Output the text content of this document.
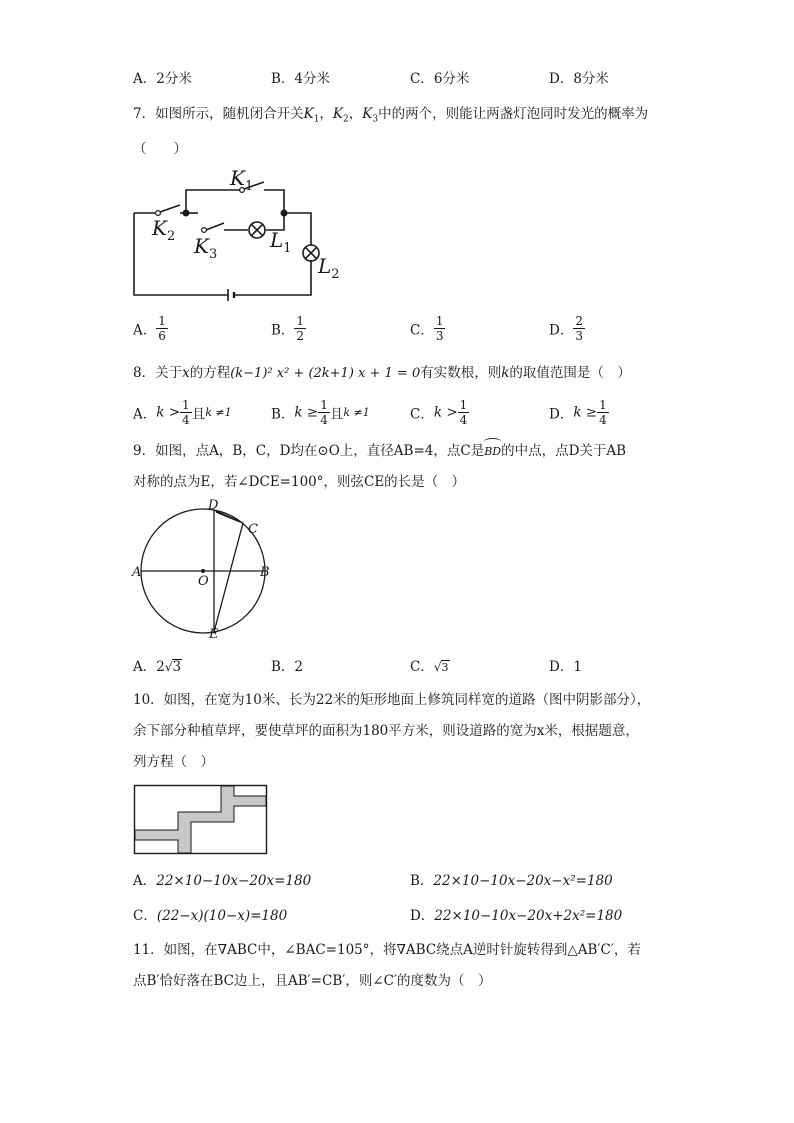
A．2分米	B．4分米	C．6分米	D．8分米
7．如图所示，随机闭合开关$K_1$，$K_2$，$K_3$中的两个，则能让两盏灯泡同时发光的概率为
（　　）
$K_1$
$K_2$ $K_3$
$L_1$
$L_2$
A． $\frac{1}{6}$	B． $\frac{1}{2}$	C． $\frac{1}{3}$	D． $\frac{2}{3}$
8．关于x的方程(k−1)² x² + (2k+1) x + 1 = 0有实数根，则k的取值范围是（　）
A．$k > \frac{1}{4}$ 且k ≠1	B．$k \ge \frac{1}{4}$ 且k ≠1	C．$k > \frac{1}{4}$	D．$k \ge \frac{1}{4}$
9．如图，点A，B，C，D均在⊙O上，直径AB=4，点C是
BD的中点，点D关于AB
对称的点为E，若∠DCE=100°，则弦CE的长是（　）
A	B
C
D
E
O
A．2√3	B．2	C．√3	D．1
10．如图，在宽为10米、长为22米的矩形地面上修筑同样宽的道路（图中阴影部分），
余下部分种植草坪，要使草坪的面积为180平方米，则设道路的宽为x米，根据题意，
列方程（　）
A．22×10−10x−20x=180	B．22×10−10x−20x−x²=180
C．(22−x)(10−x)=180	D．22×10−10x−20x+2x²=180
11．如图，在∇ABC中，∠BAC=105°，将∇ABC绕点A逆时针旋转得到△AB′C′，若
点B′恰好落在BC边上，且AB′=CB′，则∠C′的度数为（　）
